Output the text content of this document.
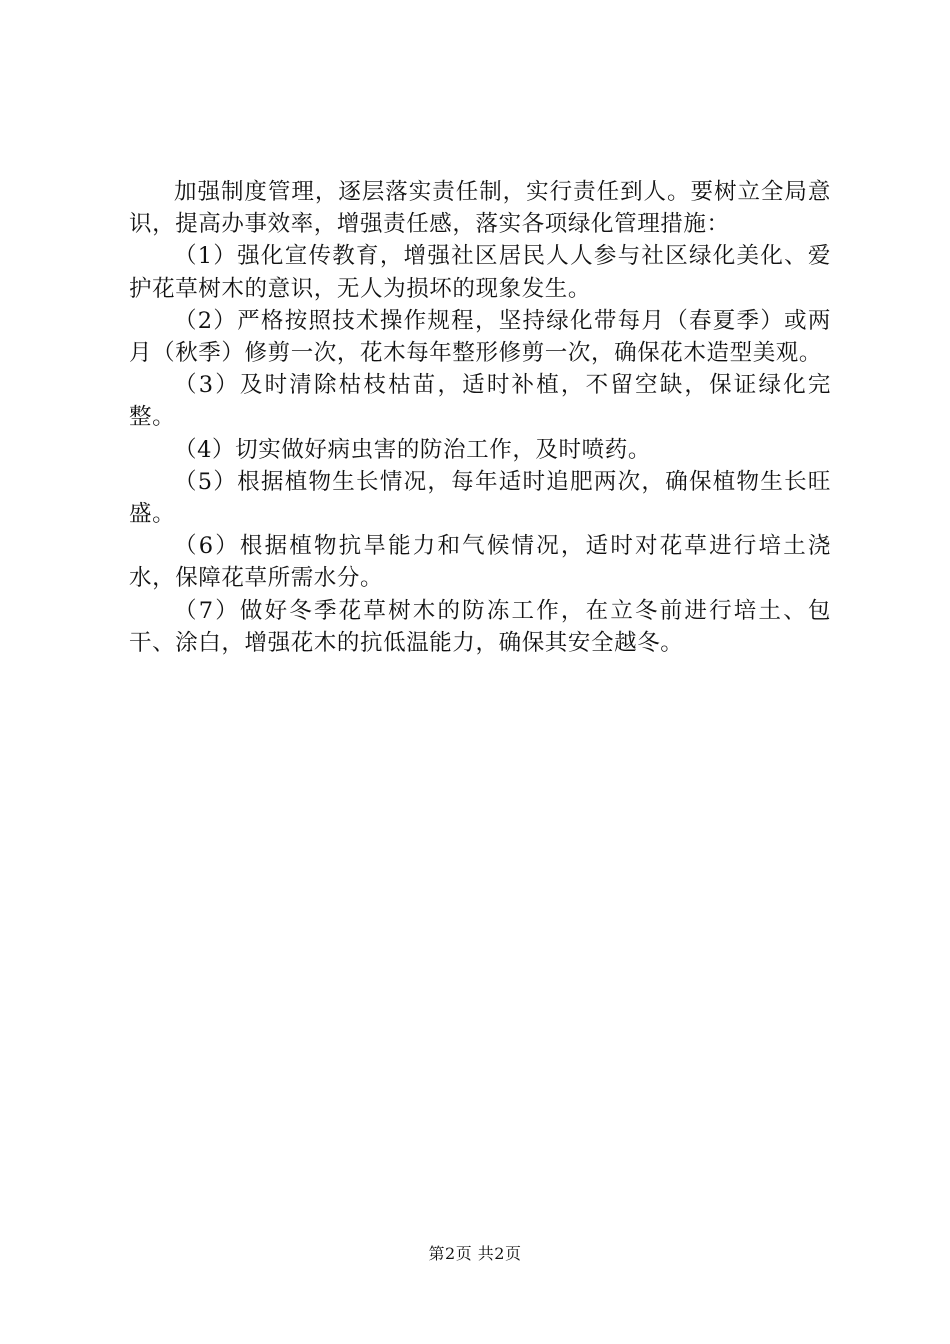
加强制度管理，逐层落实责任制，实行责任到人。要树立全局意识，提高办事效率，增强责任感，落实各项绿化管理措施：

（1）强化宣传教育，增强社区居民人人参与社区绿化美化、爱护花草树木的意识，无人为损坏的现象发生。

（2）严格按照技术操作规程，坚持绿化带每月（春夏季）或两月（秋季）修剪一次，花木每年整形修剪一次，确保花木造型美观。

（3）及时清除枯枝枯苗，适时补植，不留空缺，保证绿化完整。

（4）切实做好病虫害的防治工作，及时喷药。

（5）根据植物生长情况，每年适时追肥两次，确保植物生长旺盛。

（6）根据植物抗旱能力和气候情况，适时对花草进行培土浇水，保障花草所需水分。

（7）做好冬季花草树木的防冻工作，在立冬前进行培土、包干、涂白，增强花木的抗低温能力，确保其安全越冬。

第2页 共2页
